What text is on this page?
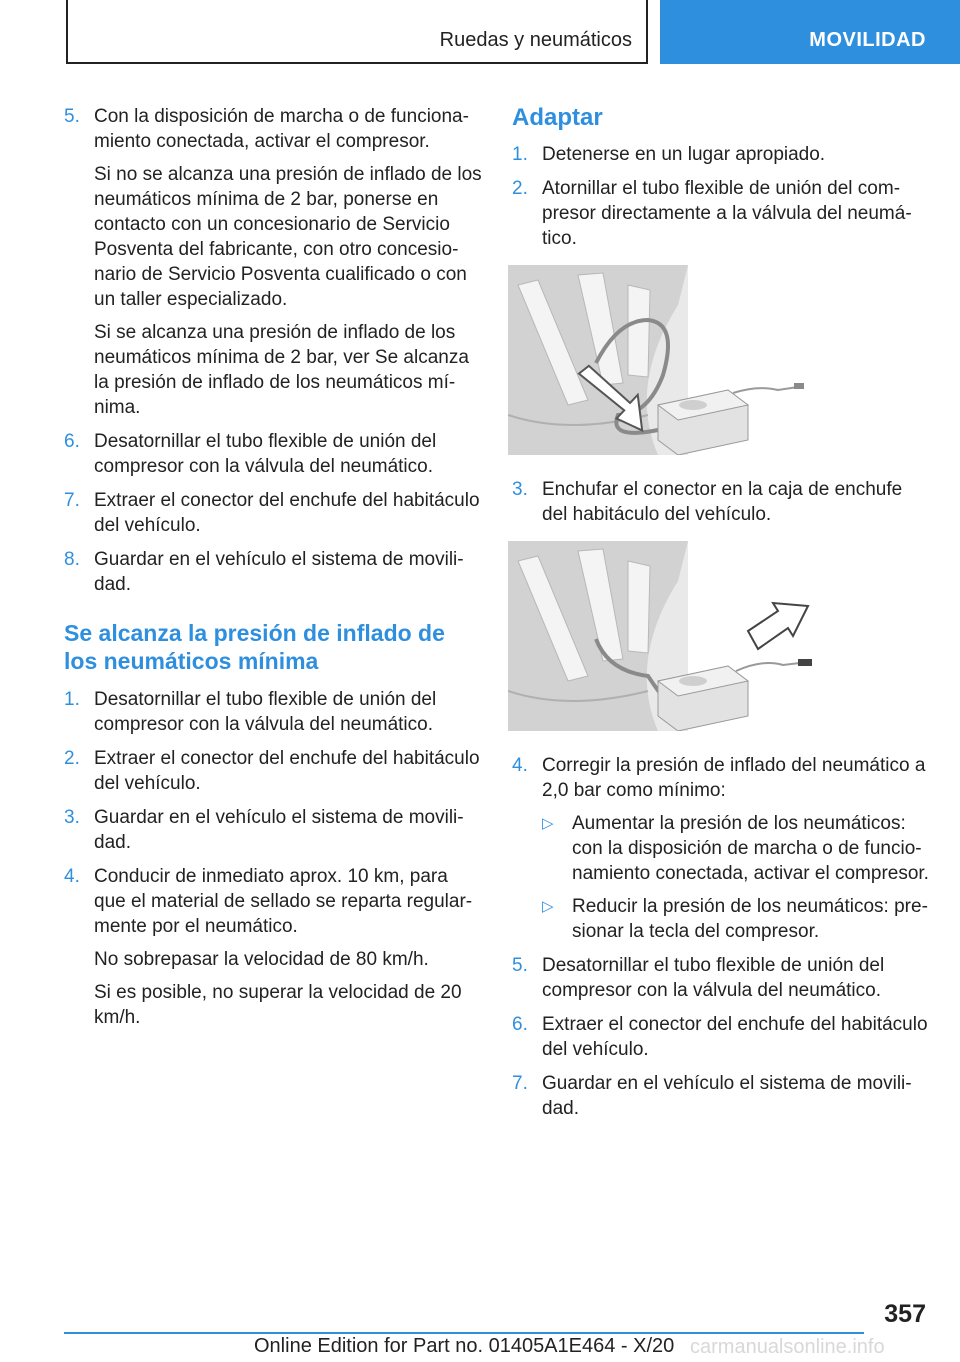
Ruedas y neumáticos	MOVILIDAD
5. Con la disposición de marcha o de funcionamiento conectada, activar el compresor.
Si no se alcanza una presión de inflado de los neumáticos mínima de 2 bar, ponerse en contacto con un concesionario de Servicio Posventa del fabricante, con otro concesionario de Servicio Posventa cualificado o con un taller especializado.
Si se alcanza una presión de inflado de los neumáticos mínima de 2 bar, ver Se alcanza la presión de inflado de los neumáticos mínima.
6. Desatornillar el tubo flexible de unión del compresor con la válvula del neumático.
7. Extraer el conector del enchufe del habitáculo del vehículo.
8. Guardar en el vehículo el sistema de movilidad.
Se alcanza la presión de inflado de los neumáticos mínima
1. Desatornillar el tubo flexible de unión del compresor con la válvula del neumático.
2. Extraer el conector del enchufe del habitáculo del vehículo.
3. Guardar en el vehículo el sistema de movilidad.
4. Conducir de inmediato aprox. 10 km, para que el material de sellado se reparta regularmente por el neumático.
No sobrepasar la velocidad de 80 km/h.
Si es posible, no superar la velocidad de 20 km/h.
Adaptar
1. Detenerse en un lugar apropiado.
2. Atornillar el tubo flexible de unión del compresor directamente a la válvula del neumático.
3. Enchufar el conector en la caja de enchufe del habitáculo del vehículo.
4. Corregir la presión de inflado del neumático a 2,0 bar como mínimo:
▷ Aumentar la presión de los neumáticos: con la disposición de marcha o de funcionamiento conectada, activar el compresor.
▷ Reducir la presión de los neumáticos: presionar la tecla del compresor.
5. Desatornillar el tubo flexible de unión del compresor con la válvula del neumático.
6. Extraer el conector del enchufe del habitáculo del vehículo.
7. Guardar en el vehículo el sistema de movilidad.
357
Online Edition for Part no. 01405A1E464 - X/20 carmanualsonline.info
